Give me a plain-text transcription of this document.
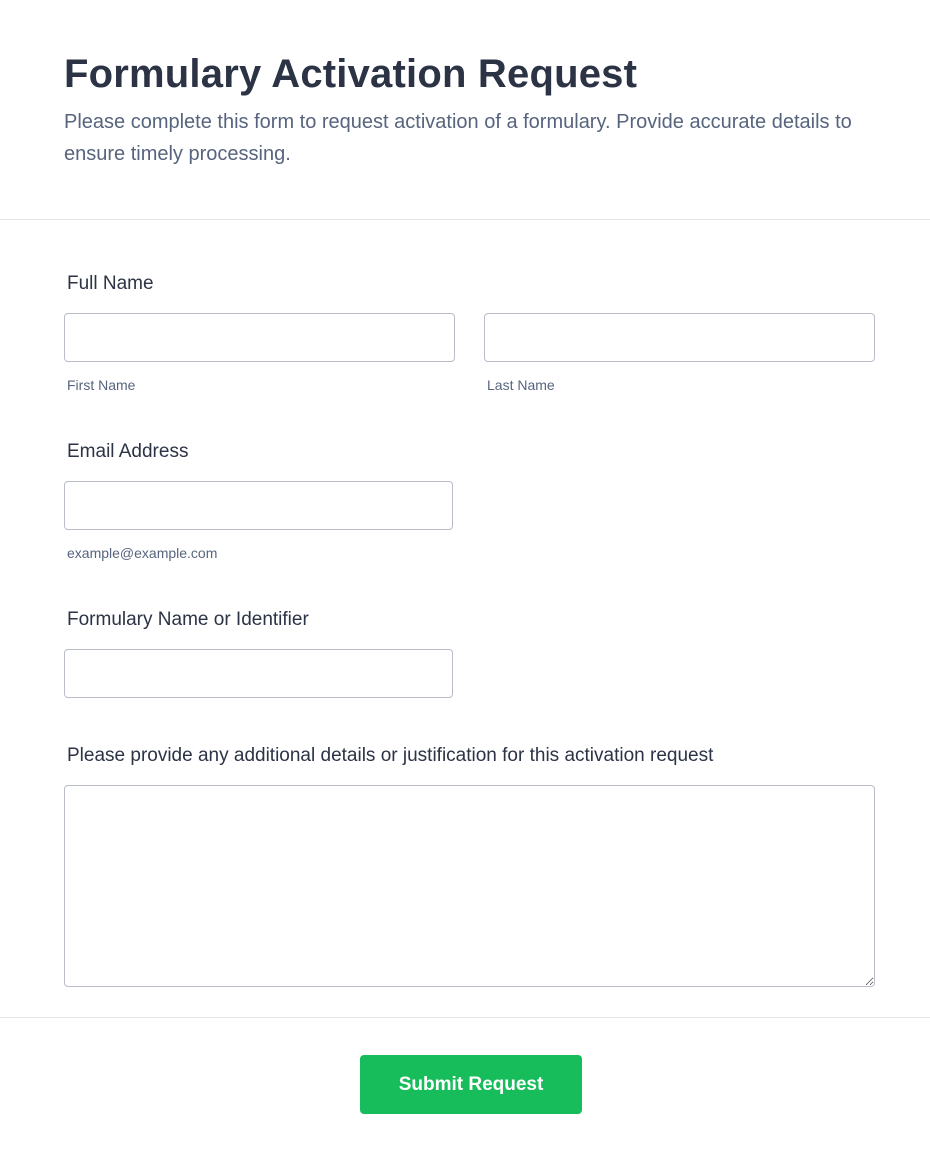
Formulary Activation Request

Please complete this form to request activation of a formulary. Provide accurate details to ensure timely processing.

Full Name
First Name	Last Name
Email Address
example@example.com
Formulary Name or Identifier
Please provide any additional details or justification for this activation request
Submit Request
